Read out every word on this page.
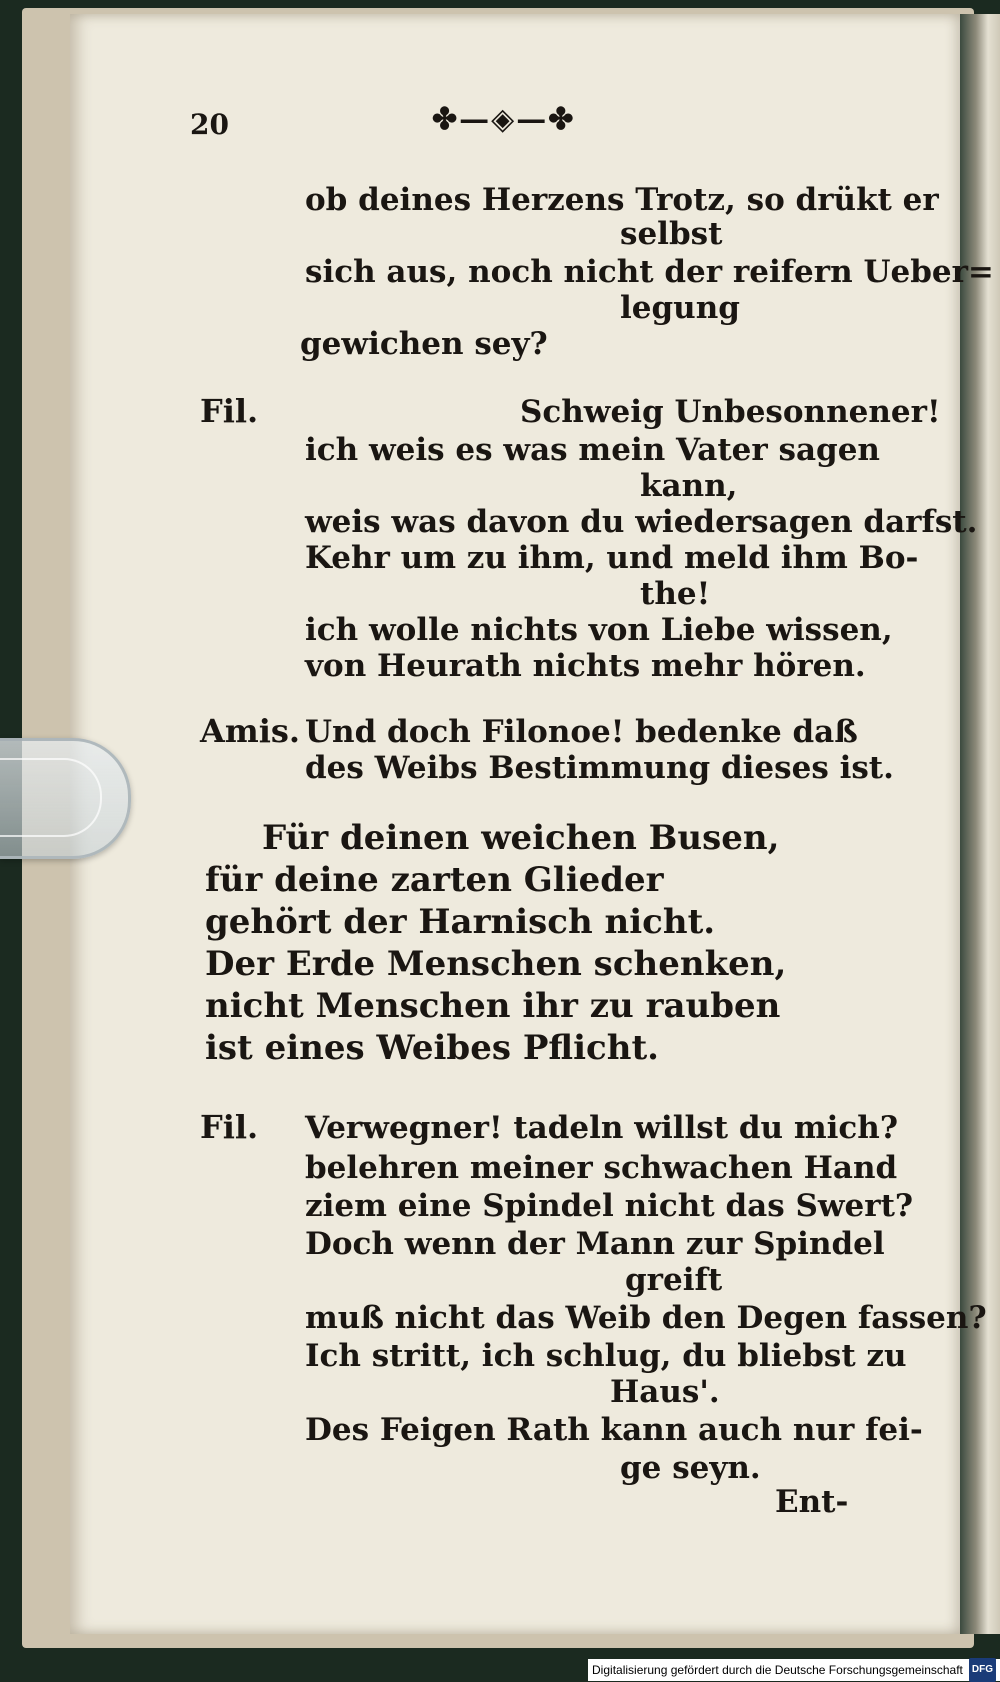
20	✤—◈—✤
ob deines Herzens Trotz, so drükt er
selbst
sich aus, noch nicht der reifern Ueber=
legung
gewichen sey?
Fil.	Schweig Unbesonnener!
ich weis es was mein Vater sagen
kann,
weis was davon du wiedersagen darfst.
Kehr um zu ihm, und meld ihm Bo-
the!
ich wolle nichts von Liebe wissen,
von Heurath nichts mehr hören.
Amis. Und doch Filonoe! bedenke daß
des Weibs Bestimmung dieses ist.
Für deinen weichen Busen,
für deine zarten Glieder
gehört der Harnisch nicht.
Der Erde Menschen schenken,
nicht Menschen ihr zu rauben
ist eines Weibes Pflicht.
Fil. Verwegner! tadeln willst du mich?
belehren meiner schwachen Hand
ziem eine Spindel nicht das Swert?
Doch wenn der Mann zur Spindel
greift
muß nicht das Weib den Degen fassen?
Ich stritt, ich schlug, du bliebst zu
Haus'.
Des Feigen Rath kann auch nur fei-
ge seyn.
Ent-
Digitalisierung gefördert durch die Deutsche Forschungsgemeinschaft DFG
